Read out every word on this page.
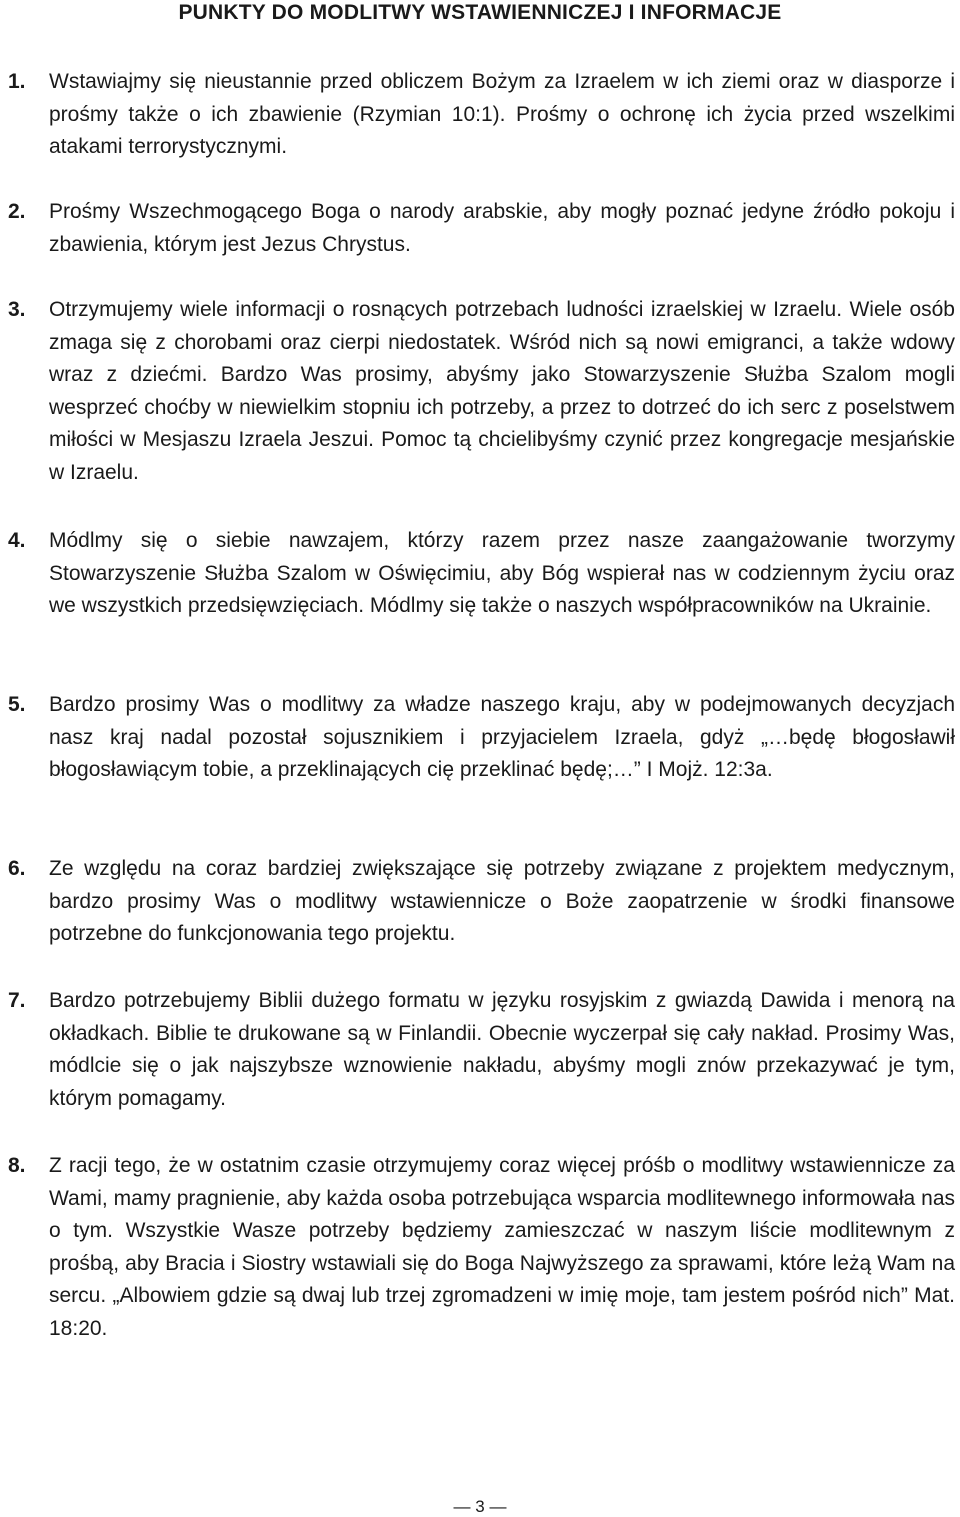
PUNKTY DO MODLITWY WSTAWIENNICZEJ I INFORMACJE
1. Wstawiajmy się nieustannie przed obliczem Bożym za Izraelem w ich ziemi oraz w diasporze i prośmy także o ich zbawienie (Rzymian 10:1). Prośmy o ochronę ich życia przed wszelkimi atakami terrorystycznymi.

2. Prośmy Wszechmogącego Boga o narody arabskie, aby mogły poznać jedyne źródło pokoju i zbawienia, którym jest Jezus Chrystus.

3. Otrzymujemy wiele informacji o rosnących potrzebach ludności izraelskiej w Izraelu. Wiele osób zmaga się z chorobami oraz cierpi niedostatek. Wśród nich są nowi emigranci, a także wdowy wraz z dziećmi. Bardzo Was prosimy, abyśmy jako Stowarzyszenie Służba Szalom mogli wesprzeć choćby w niewielkim stopniu ich potrzeby, a przez to dotrzeć do ich serc z poselstwem miłości w Mesjaszu Izraela Jeszui. Pomoc tą chcielibyśmy czynić przez kongregacje mesjańskie w Izraelu.

4. Módlmy się o siebie nawzajem, którzy razem przez nasze zaangażowanie tworzymy Stowarzyszenie Służba Szalom w Oświęcimiu, aby Bóg wspierał nas w codziennym życiu oraz we wszystkich przedsięwzięciach. Módlmy się także o naszych współpracowników na Ukrainie.

5. Bardzo prosimy Was o modlitwy za władze naszego kraju, aby w podejmowanych decyzjach nasz kraj nadal pozostał sojusznikiem i przyjacielem Izraela, gdyż „…będę błogosławił błogosławiącym tobie, a przeklinających cię przeklinać będę;…” I Mojż. 12:3a.

6. Ze względu na coraz bardziej zwiększające się potrzeby związane z projektem medycznym, bardzo prosimy Was o modlitwy wstawiennicze o Boże zaopatrzenie w środki finansowe potrzebne do funkcjonowania tego projektu.

7. Bardzo potrzebujemy Biblii dużego formatu w języku rosyjskim z gwiazdą Dawida i menorą na okładkach. Biblie te drukowane są w Finlandii. Obecnie wyczerpał się cały nakład. Prosimy Was, módlcie się o jak najszybsze wznowienie nakładu, abyśmy mogli znów przekazywać je tym, którym pomagamy.

8. Z racji tego, że w ostatnim czasie otrzymujemy coraz więcej próśb o modlitwy wstawiennicze za Wami, mamy pragnienie, aby każda osoba potrzebująca wsparcia modlitewnego informowała nas o tym. Wszystkie Wasze potrzeby będziemy zamieszczać w naszym liście modlitewnym z prośbą, aby Bracia i Siostry wstawiali się do Boga Najwyższego za sprawami, które leżą Wam na sercu. „Albowiem gdzie są dwaj lub trzej zgromadzeni w imię moje, tam jestem pośród nich” Mat. 18:20.

— 3 —
